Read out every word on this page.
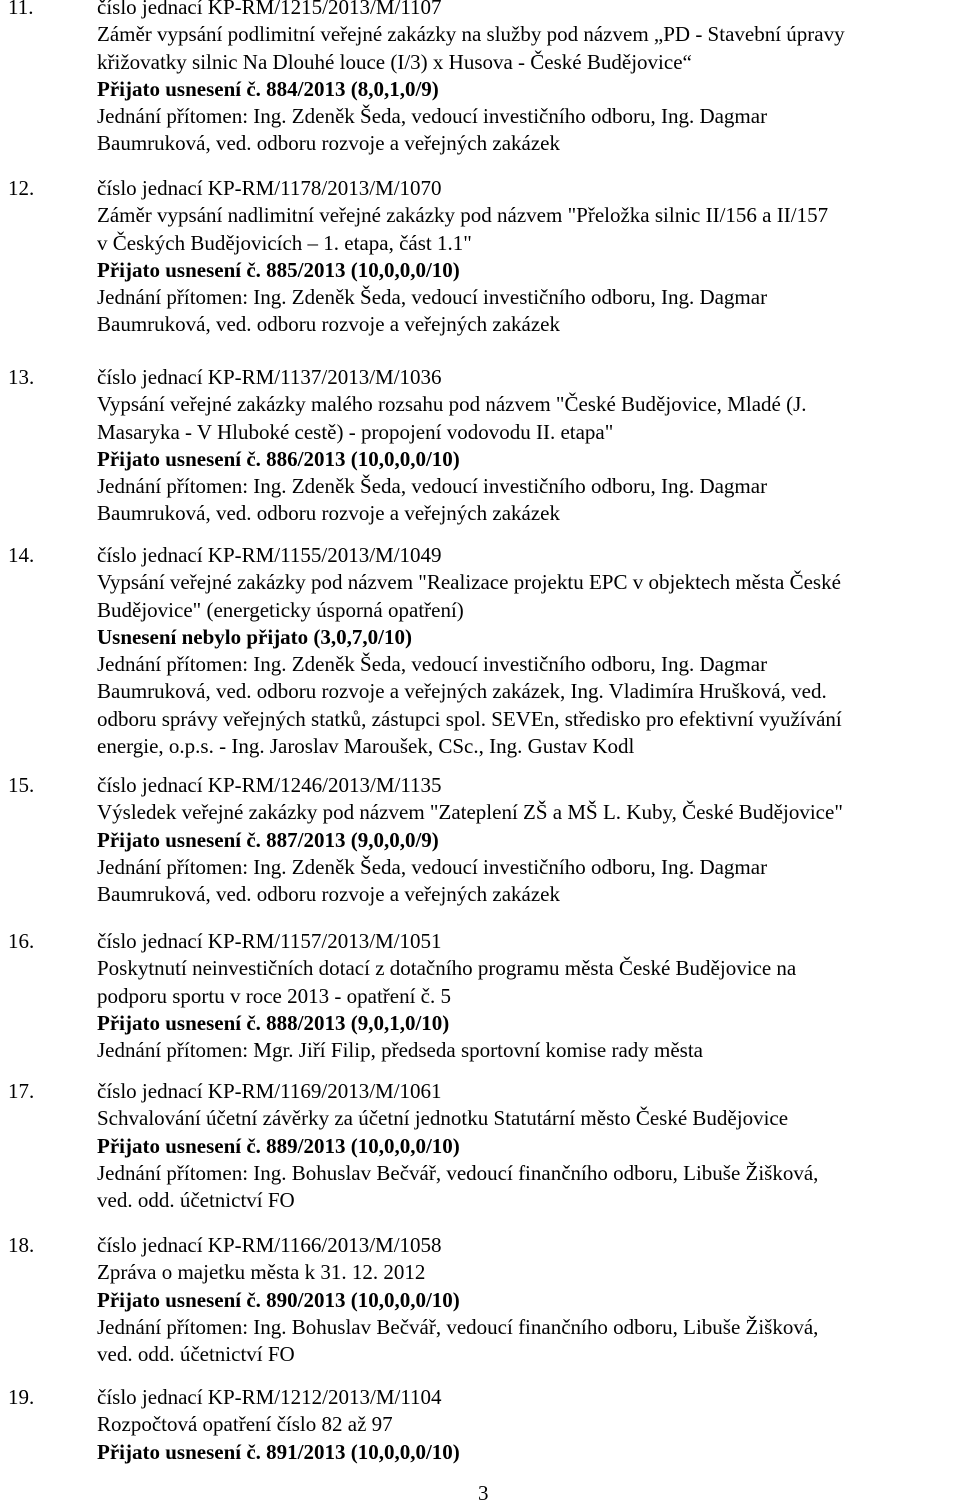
11.	číslo jednací KP-RM/1215/2013/M/1107
Záměr vypsání podlimitní veřejné zakázky na služby pod názvem „PD - Stavební úpravy
křižovatky silnic Na Dlouhé louce (I/3) x Husova - České Budějovice“
Přijato usnesení č. 884/2013 (8,0,1,0/9)
Jednání přítomen: Ing. Zdeněk Šeda, vedoucí investičního odboru, Ing. Dagmar
Baumruková, ved. odboru rozvoje a veřejných zakázek
12.	číslo jednací KP-RM/1178/2013/M/1070
Záměr vypsání nadlimitní veřejné zakázky pod názvem "Přeložka silnic II/156 a II/157
v Českých Budějovicích – 1. etapa, část 1.1"
Přijato usnesení č. 885/2013 (10,0,0,0/10)
Jednání přítomen: Ing. Zdeněk Šeda, vedoucí investičního odboru, Ing. Dagmar
Baumruková, ved. odboru rozvoje a veřejných zakázek
13.	číslo jednací KP-RM/1137/2013/M/1036
Vypsání veřejné zakázky malého rozsahu pod názvem "České Budějovice, Mladé (J.
Masaryka - V Hluboké cestě) - propojení vodovodu II. etapa"
Přijato usnesení č. 886/2013 (10,0,0,0/10)
Jednání přítomen: Ing. Zdeněk Šeda, vedoucí investičního odboru, Ing. Dagmar
Baumruková, ved. odboru rozvoje a veřejných zakázek
14.	číslo jednací KP-RM/1155/2013/M/1049
Vypsání veřejné zakázky pod názvem "Realizace projektu EPC v objektech města České
Budějovice" (energeticky úsporná opatření)
Usnesení nebylo přijato (3,0,7,0/10)
Jednání přítomen: Ing. Zdeněk Šeda, vedoucí investičního odboru, Ing. Dagmar
Baumruková, ved. odboru rozvoje a veřejných zakázek, Ing. Vladimíra Hrušková, ved.
odboru správy veřejných statků, zástupci spol. SEVEn, středisko pro efektivní využívání
energie, o.p.s. - Ing. Jaroslav Maroušek, CSc., Ing. Gustav Kodl
15.	číslo jednací KP-RM/1246/2013/M/1135
Výsledek veřejné zakázky pod názvem "Zateplení ZŠ a MŠ L. Kuby, České Budějovice"
Přijato usnesení č. 887/2013 (9,0,0,0/9)
Jednání přítomen: Ing. Zdeněk Šeda, vedoucí investičního odboru, Ing. Dagmar
Baumruková, ved. odboru rozvoje a veřejných zakázek
16.	číslo jednací KP-RM/1157/2013/M/1051
Poskytnutí neinvestičních dotací z dotačního programu města České Budějovice na
podporu sportu v roce 2013 - opatření č. 5
Přijato usnesení č. 888/2013 (9,0,1,0/10)
Jednání přítomen: Mgr. Jiří Filip, předseda sportovní komise rady města
17.	číslo jednací KP-RM/1169/2013/M/1061
Schvalování účetní závěrky za účetní jednotku Statutární město České Budějovice
Přijato usnesení č. 889/2013 (10,0,0,0/10)
Jednání přítomen: Ing. Bohuslav Bečvář, vedoucí finančního odboru, Libuše Žišková,
ved. odd. účetnictví FO
18.	číslo jednací KP-RM/1166/2013/M/1058
Zpráva o majetku města k 31. 12. 2012
Přijato usnesení č. 890/2013 (10,0,0,0/10)
Jednání přítomen: Ing. Bohuslav Bečvář, vedoucí finančního odboru, Libuše Žišková,
ved. odd. účetnictví FO
19.	číslo jednací KP-RM/1212/2013/M/1104
Rozpočtová opatření číslo 82 až 97
Přijato usnesení č. 891/2013 (10,0,0,0/10)
3
